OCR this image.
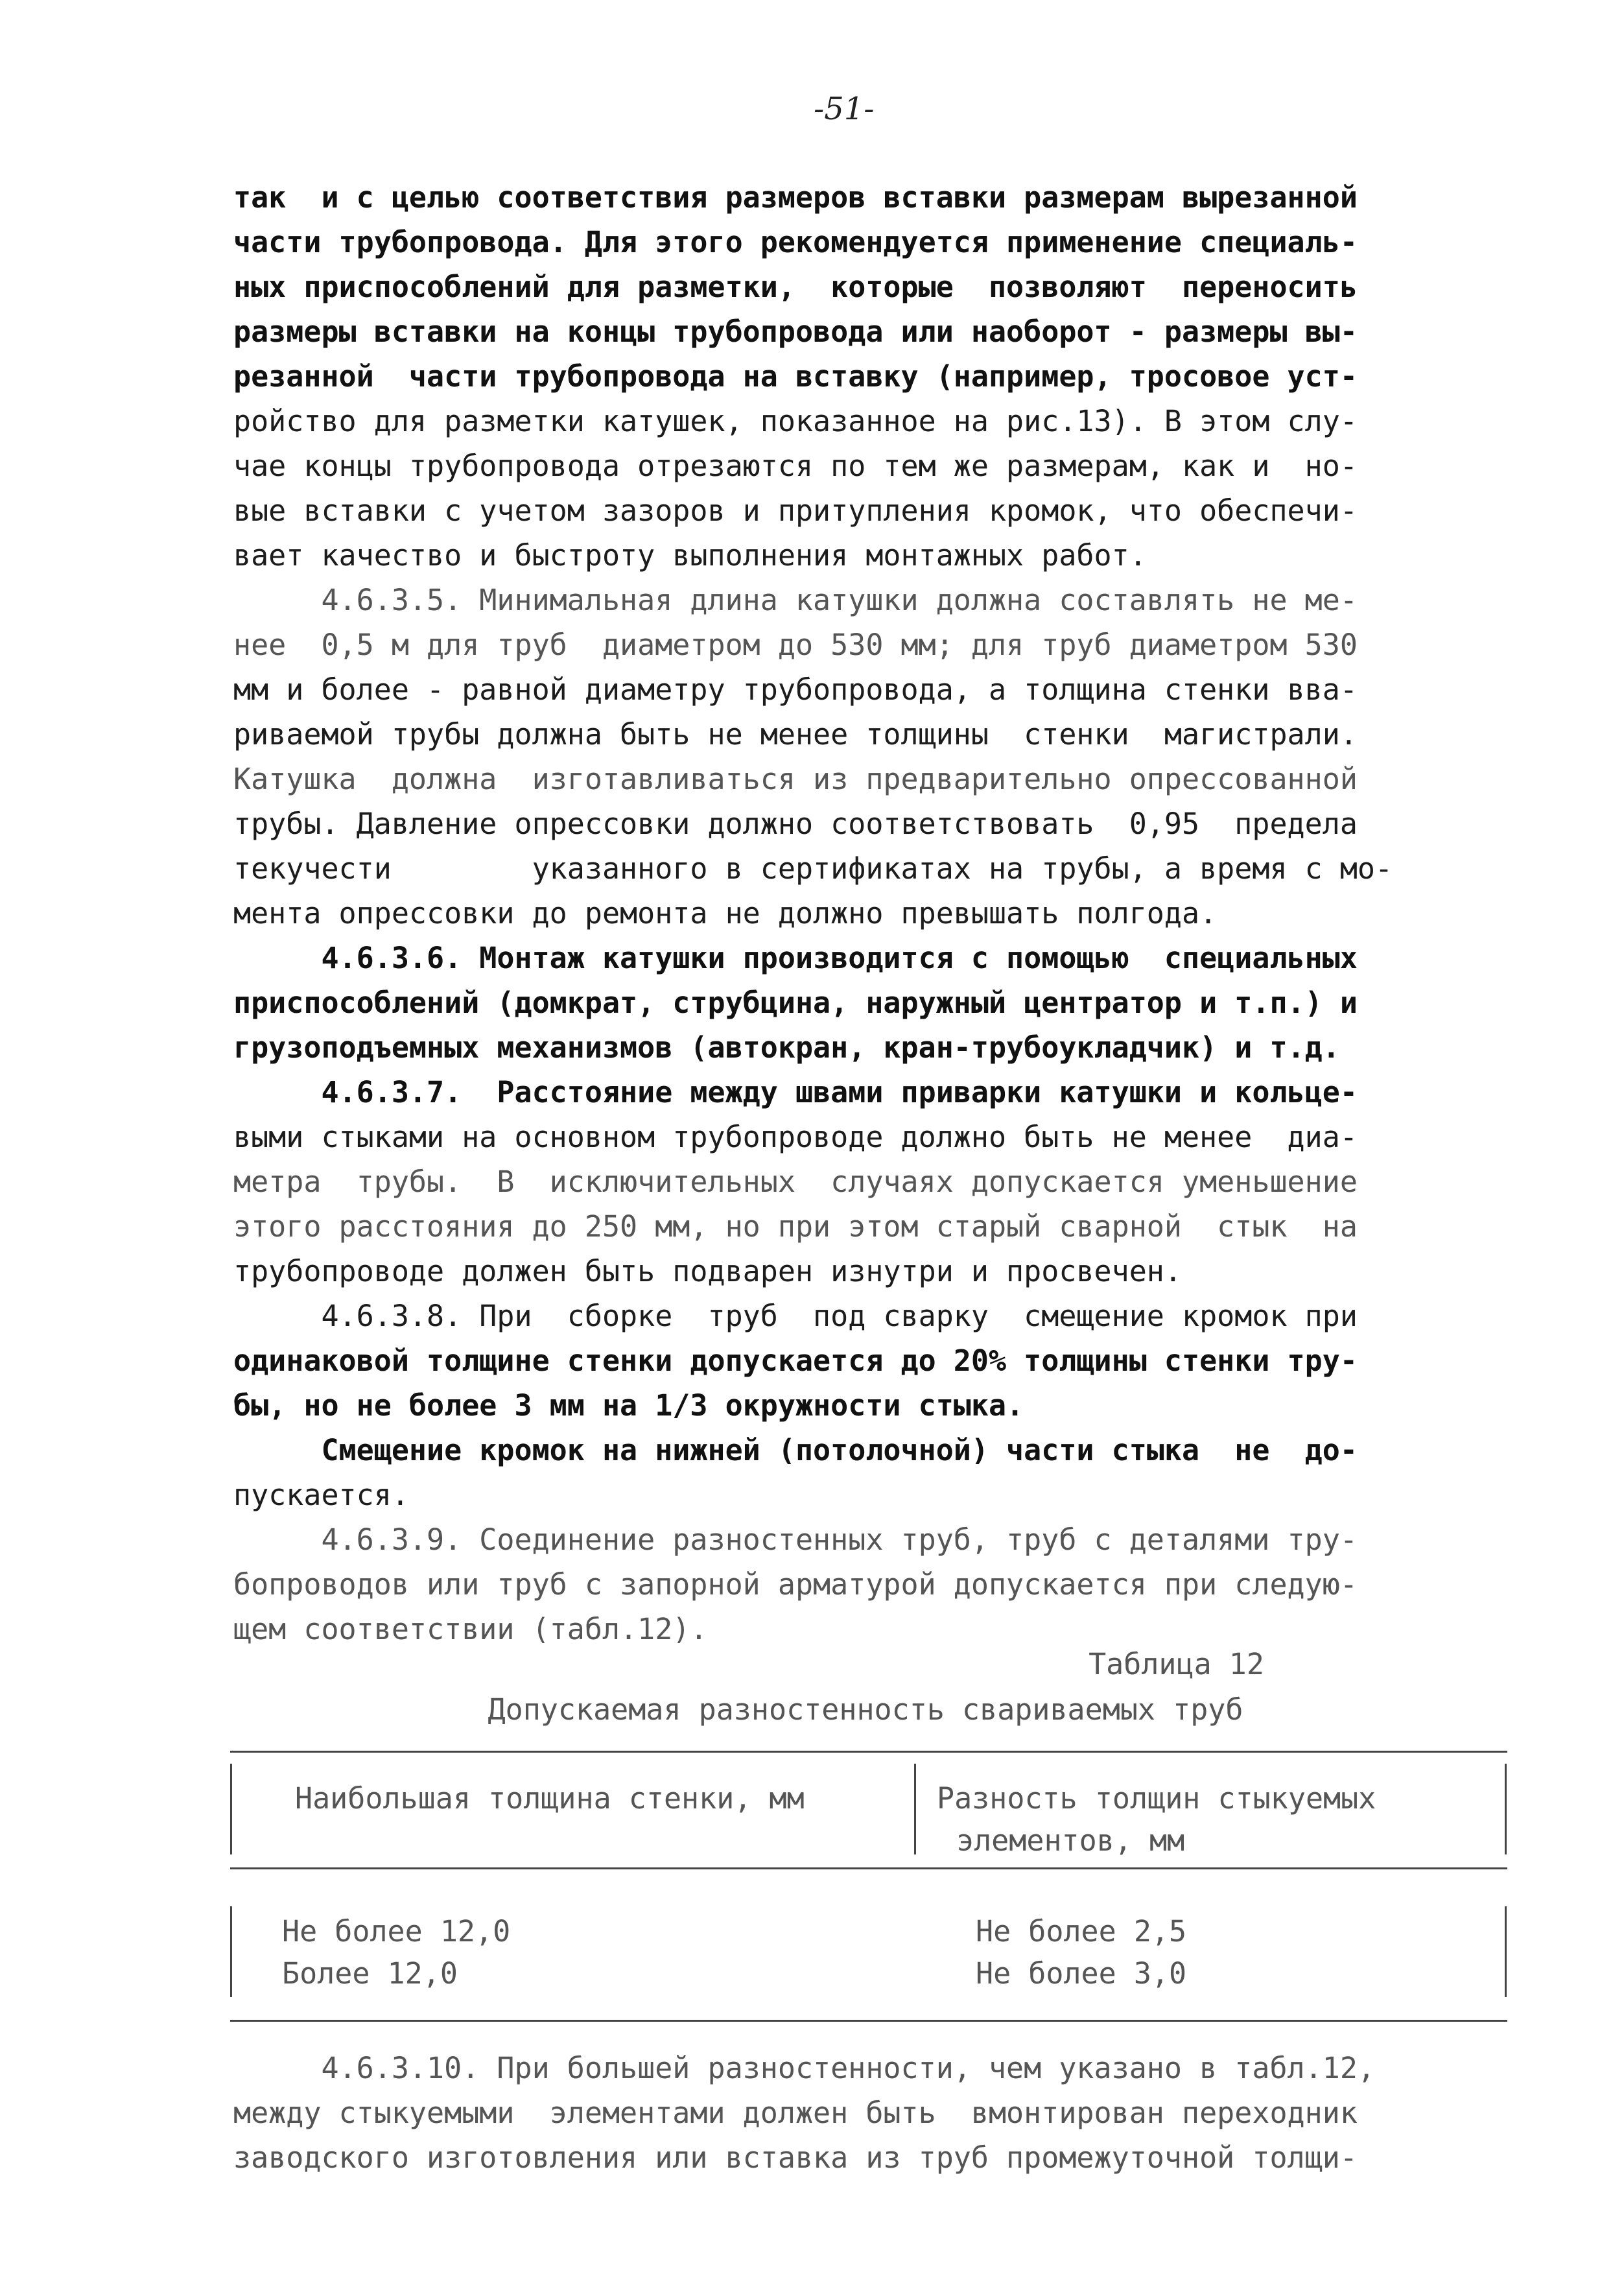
-51-
так  и с целью соответствия размеров вставки размерам вырезанной
части трубопровода. Для этого рекомендуется применение специаль-
ных приспособлений для разметки,  которые  позволяют  переносить
размеры вставки на концы трубопровода или наоборот - размеры вы-
резанной  части трубопровода на вставку (например, тросовое уст-
ройство для разметки катушек, показанное на рис.13). В этом слу-
чае концы трубопровода отрезаются по тем же размерам, как и  но-
вые вставки с учетом зазоров и притупления кромок, что обеспечи-
вает качество и быстроту выполнения монтажных работ.
4.6.3.5. Минимальная длина катушки должна составлять не ме-
нее  0,5 м для труб  диаметром до 530 мм; для труб диаметром 530
мм и более - равной диаметру трубопровода, а толщина стенки вва-
риваемой трубы должна быть не менее толщины  стенки  магистрали.
Катушка  должна  изготавливаться из предварительно опрессованной
трубы. Давление опрессовки должно соответствовать  0,95  предела
текучести        указанного в сертификатах на трубы, а время с мо-
мента опрессовки до ремонта не должно превышать полгода.
4.6.3.6. Монтаж катушки производится с помощью  специальных
приспособлений (домкрат, струбцина, наружный центратор и т.п.) и
грузоподъемных механизмов (автокран, кран-трубоукладчик) и т.д.
4.6.3.7.  Расстояние между швами приварки катушки и кольце-
выми стыками на основном трубопроводе должно быть не менее  диа-
метра  трубы.  В  исключительных  случаях допускается уменьшение
этого расстояния до 250 мм, но при этом старый сварной  стык  на
трубопроводе должен быть подварен изнутри и просвечен.
4.6.3.8. При  сборке  труб  под сварку  смещение кромок при
одинаковой толщине стенки допускается до 20% толщины стенки тру-
бы, но не более 3 мм на 1/3 окружности стыка.
Смещение кромок на нижней (потолочной) части стыка  не  до-
пускается.
4.6.3.9. Соединение разностенных труб, труб с деталями тру-
бопроводов или труб с запорной арматурой допускается при следую-
щем соответствии (табл.12).
Таблица 12
Допускаемая разностенность свариваемых труб
Наибольшая толщина стенки, мм	Разность толщин стыкуемых
элементов, мм
Не более 12,0	Не более 2,5
Более 12,0	Не более 3,0
4.6.3.10. При большей разностенности, чем указано в табл.12,
между стыкуемыми  элементами должен быть  вмонтирован переходник
заводского изготовления или вставка из труб промежуточной толщи-
